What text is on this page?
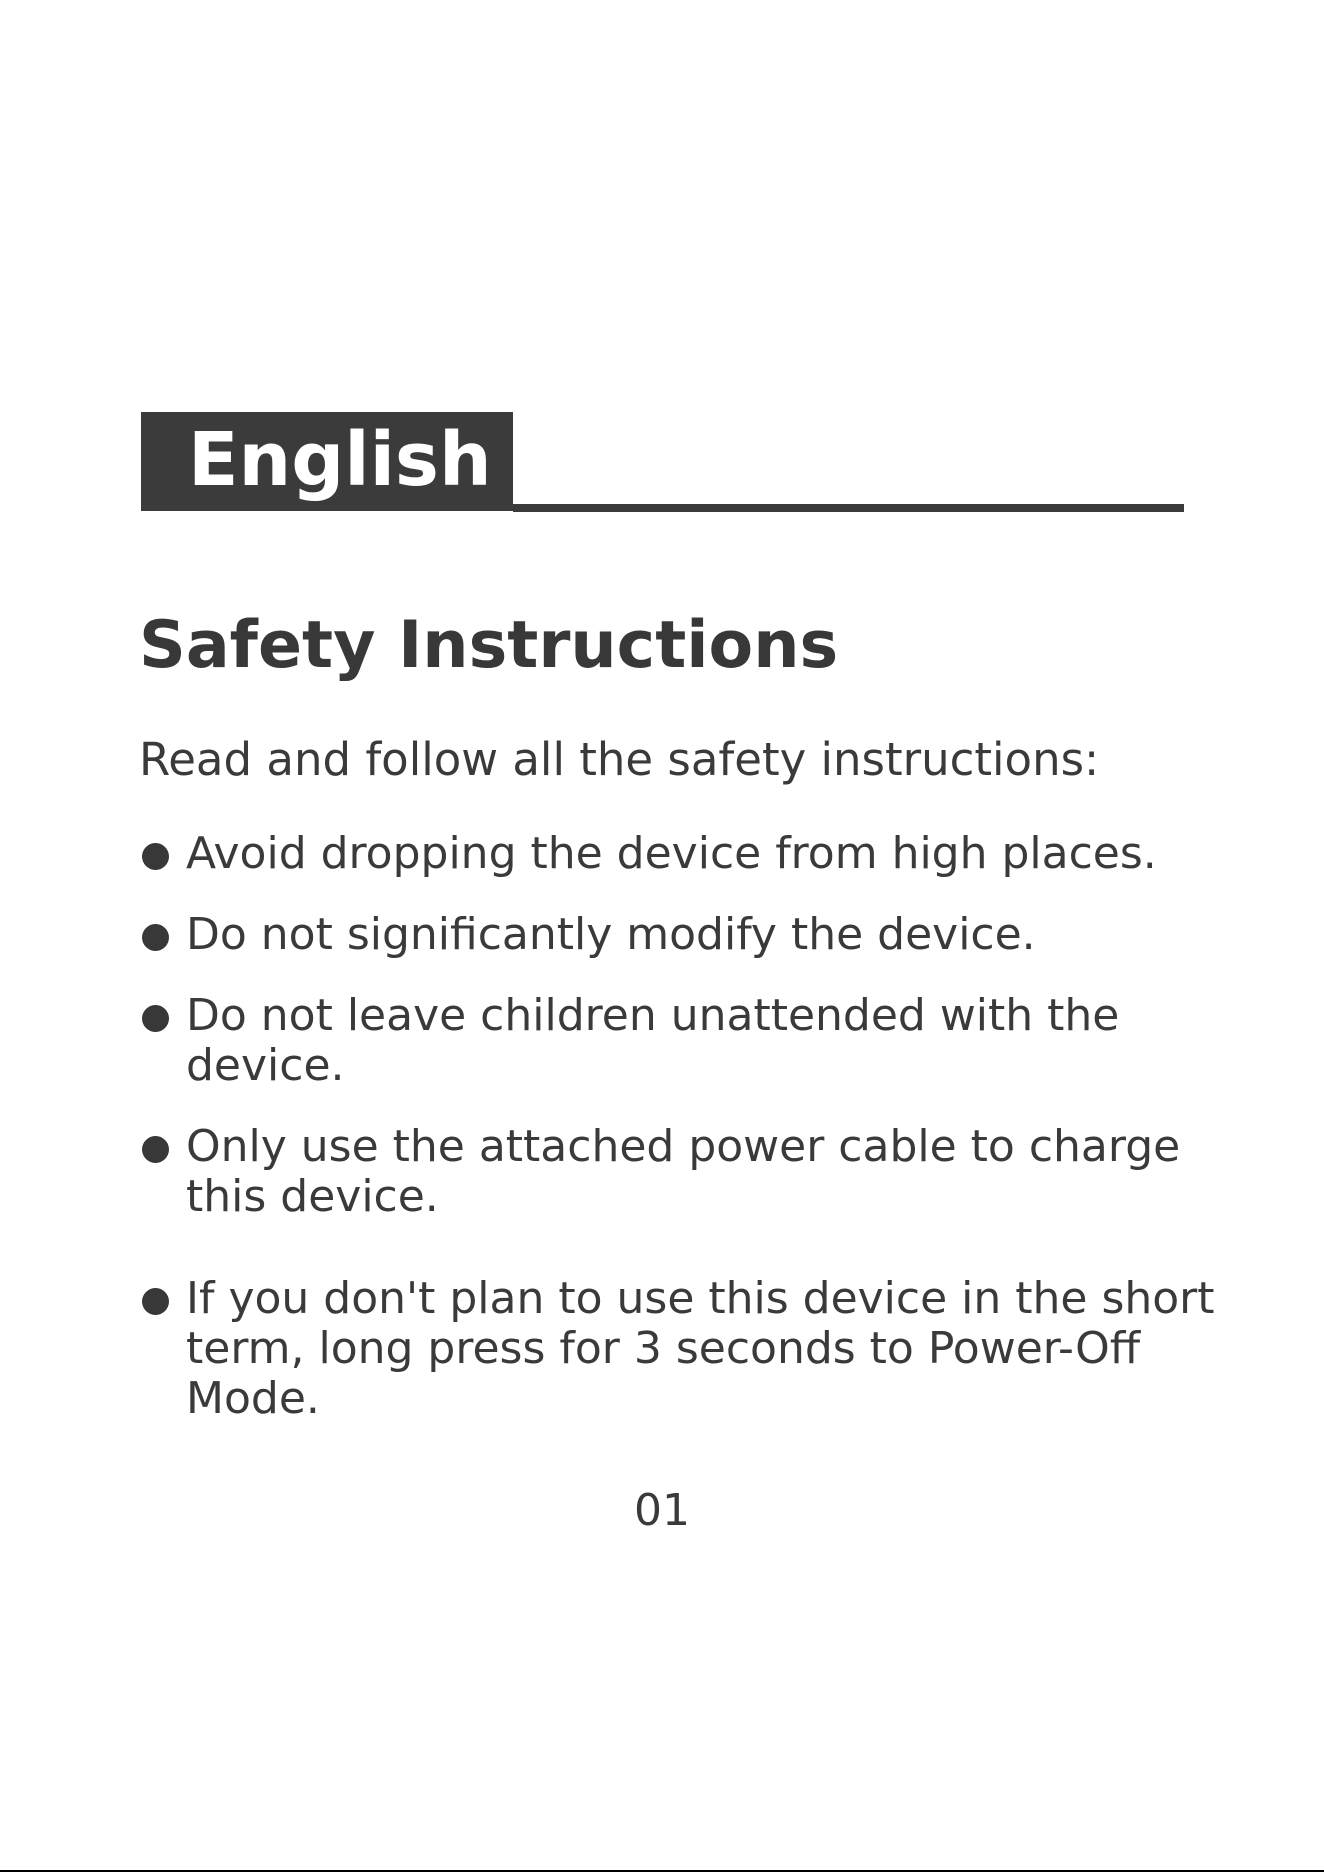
English
Safety Instructions

Read and follow all the safety instructions:

Avoid dropping the device from high places.
Do not significantly modify the device.
Do not leave children unattended with the device.
Only use the attached power cable to charge this device.
If you don't plan to use this device in the short term, long press for 3 seconds to Power-Off Mode.
01
